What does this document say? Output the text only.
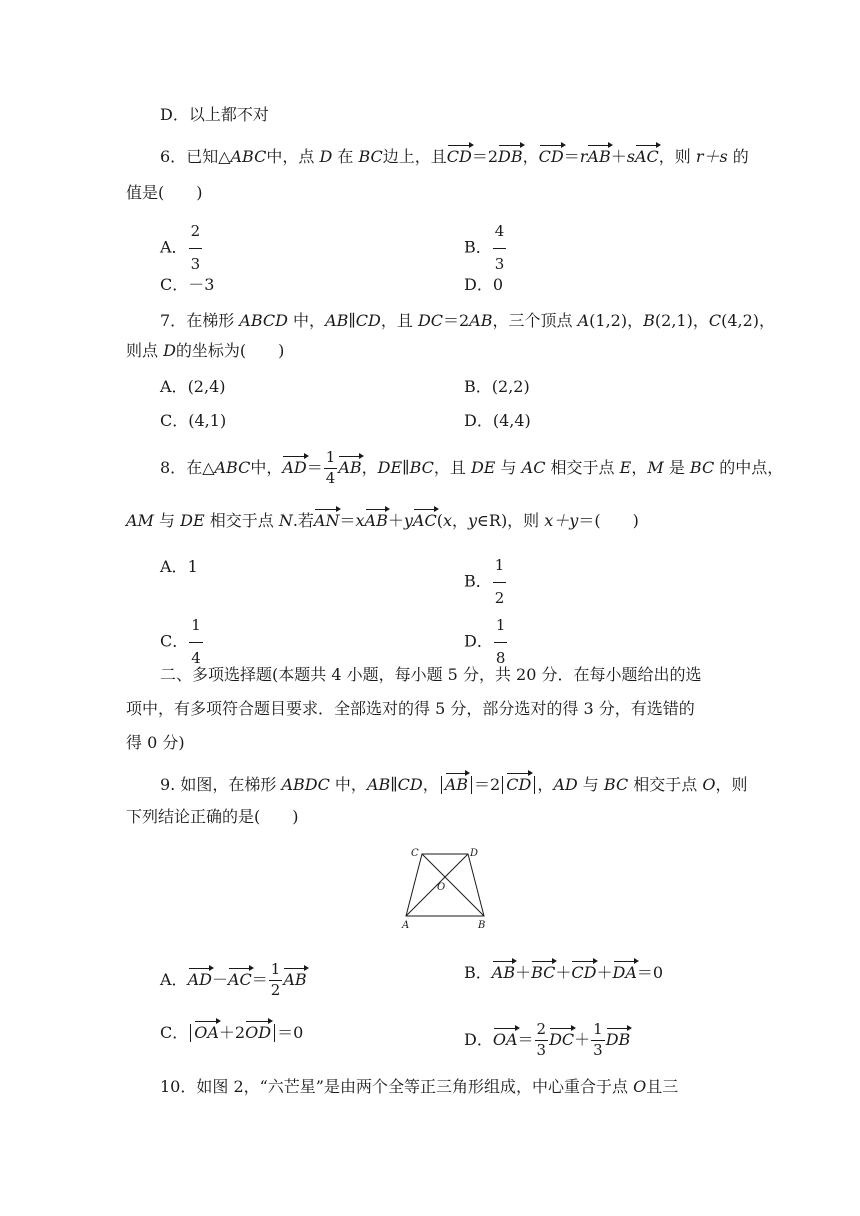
D．以上都不对
6．已知△ABC中，点 D 在 BC边上，且CD＝2DB，CD＝rAB＋sAC，则 r＋s 的
值是(　　)
A． $\frac{2}{3}$	B． $\frac{4}{3}$
C．－3	D．0
7．在梯形 ABCD 中，AB∥CD，且 DC＝2AB，三个顶点 A(1,2)，B(2,1)，C(4,2)，
则点 D的坐标为(　　)
A．(2,4)	B．(2,2)
C．(4,1)	D．(4,4)
8．在△ABC中，$AD= \frac{1}{4}$ AB，DE∥BC，且 DE 与 AC 相交于点 E，M 是 BC 的中点，
AM 与 DE 相交于点 N.若AN＝xAB＋yAC(x，y∈R)，则 x＋y＝(　　)
A．1
B． $\frac{1}{2}$
C． $\frac{1}{4}$	D． $\frac{1}{8}$
二、多项选择题(本题共 4 小题，每小题 5 分，共 20 分．在每小题给出的选
项中，有多项符合题目要求．全部选对的得 5 分，部分选对的得 3 分，有选错的
得 0 分)
9. 如图，在梯形 ABDC 中，AB∥CD， AB ＝2 CD ，AD 与 BC 相交于点 O，则
下列结论正确的是(　　)
C	D
O
A	B
A．$AD-AC= \frac{1}{2}$ AB	B．AB＋BC＋CD＋DA＝0
C． OA＋2OD ＝0	D．$OA= \frac{2}{3} DC+ \frac{1}{3}$ DB
10．如图 2，“六芒星”是由两个全等正三角形组成，中心重合于点 O且三
